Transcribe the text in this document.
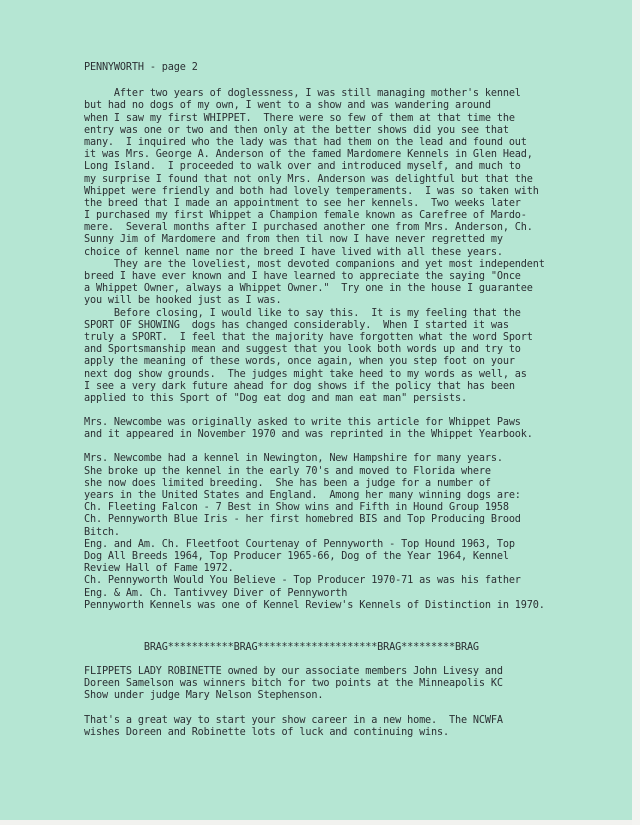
PENNYWORTH - page 2
After two years of doglessness, I was still managing mother's kennel
but had no dogs of my own, I went to a show and was wandering around
when I saw my first WHIPPET.  There were so few of them at that time the
entry was one or two and then only at the better shows did you see that
many.  I inquired who the lady was that had them on the lead and found out
it was Mrs. George A. Anderson of the famed Mardomere Kennels in Glen Head,
Long Island.  I proceeded to walk over and introduced myself, and much to
my surprise I found that not only Mrs. Anderson was delightful but that the
Whippet were friendly and both had lovely temperaments.  I was so taken with
the breed that I made an appointment to see her kennels.  Two weeks later
I purchased my first Whippet a Champion female known as Carefree of Mardo-
mere.  Several months after I purchased another one from Mrs. Anderson, Ch.
Sunny Jim of Mardomere and from then til now I have never regretted my
choice of kennel name nor the breed I have lived with all these years.
They are the loveliest, most devoted companions and yet most independent
breed I have ever known and I have learned to appreciate the saying "Once
a Whippet Owner, always a Whippet Owner."  Try one in the house I guarantee
you will be hooked just as I was.
Before closing, I would like to say this.  It is my feeling that the
SPORT OF SHOWING  dogs has changed considerably.  When I started it was
truly a SPORT.  I feel that the majority have forgotten what the word Sport
and Sportsmanship mean and suggest that you look both words up and try to
apply the meaning of these words, once again, when you step foot on your
next dog show grounds.  The judges might take heed to my words as well, as
I see a very dark future ahead for dog shows if the policy that has been
applied to this Sport of "Dog eat dog and man eat man" persists.
Mrs. Newcombe was originally asked to write this article for Whippet Paws
and it appeared in November 1970 and was reprinted in the Whippet Yearbook.
Mrs. Newcombe had a kennel in Newington, New Hampshire for many years.
She broke up the kennel in the early 70's and moved to Florida where
she now does limited breeding.  She has been a judge for a number of
years in the United States and England.  Among her many winning dogs are:
Ch. Fleeting Falcon - 7 Best in Show wins and Fifth in Hound Group 1958
Ch. Pennyworth Blue Iris - her first homebred BIS and Top Producing Brood
Bitch.
Eng. and Am. Ch. Fleetfoot Courtenay of Pennyworth - Top Hound 1963, Top
Dog All Breeds 1964, Top Producer 1965-66, Dog of the Year 1964, Kennel
Review Hall of Fame 1972.
Ch. Pennyworth Would You Believe - Top Producer 1970-71 as was his father
Eng. & Am. Ch. Tantivvey Diver of Pennyworth
Pennyworth Kennels was one of Kennel Review's Kennels of Distinction in 1970.
BRAG***********BRAG********************BRAG*********BRAG
FLIPPETS LADY ROBINETTE owned by our associate members John Livesy and
Doreen Samelson was winners bitch for two points at the Minneapolis KC
Show under judge Mary Nelson Stephenson.
That's a great way to start your show career in a new home.  The NCWFA
wishes Doreen and Robinette lots of luck and continuing wins.
